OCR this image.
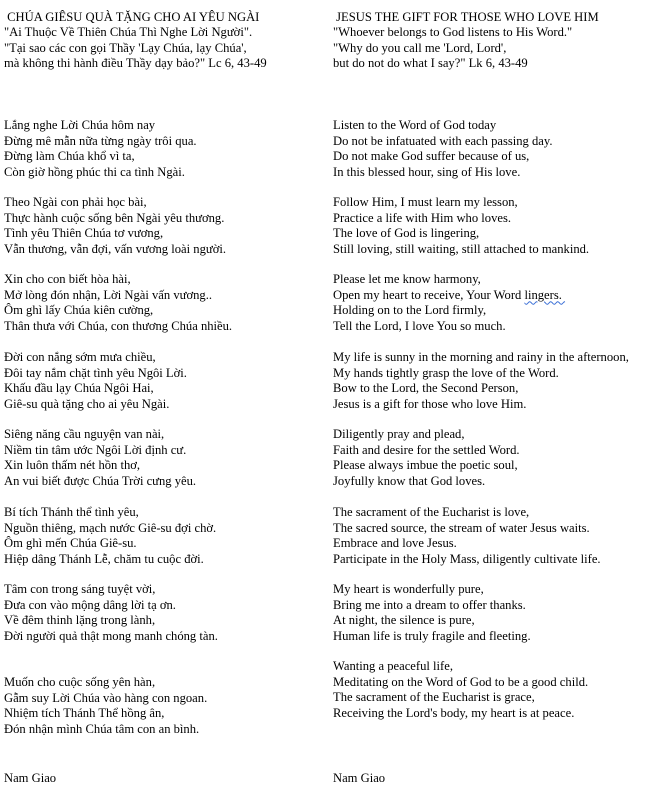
CHÚA GIÊSU QUÀ TẶNG CHO AI YÊU NGÀI
"Ai Thuộc Về Thiên Chúa Thì Nghe Lời Người".
"Tại sao các con gọi Thầy 'Lạy Chúa, lạy Chúa',
mà không thi hành điều Thầy dạy bảo?" Lc 6, 43-49
Lắng nghe Lời Chúa hôm nay
Đừng mê mẫn nữa từng ngày trôi qua.
Đừng làm Chúa khổ vì ta,
Còn giờ hồng phúc thi ca tình Ngài.
Theo Ngài con phải học bài,
Thực hành cuộc sống bên Ngài yêu thương.
Tình yêu Thiên Chúa tơ vương,
Vẫn thương, vẫn đợi, vấn vương loài người.
Xin cho con biết hòa hài,
Mở lòng đón nhận, Lời Ngài vấn vương..
Ôm ghì lấy Chúa kiên cường,
Thân thưa với Chúa, con thương Chúa nhiều.
Đời con nắng sớm mưa chiều,
Đôi tay nắm chặt tình yêu Ngôi Lời.
Khấu đầu lạy Chúa Ngôi Hai,
Giê-su quà tặng cho ai yêu Ngài.
Siêng năng cầu nguyện van nài,
Niềm tin tâm ước Ngôi Lời định cư.
Xin luôn thấm nét hồn thơ,
An vui biết được Chúa Trời cưng yêu.
Bí tích Thánh thể tình yêu,
Nguồn thiêng, mạch nước Giê-su đợi chờ.
Ôm ghì mến Chúa Giê-su.
Hiệp dâng Thánh Lễ, chăm tu cuộc đời.
Tâm con trong sáng tuyệt vời,
Đưa con vào mộng dâng lời tạ ơn.
Về đêm thinh lặng trong lành,
Đời người quả thật mong manh chóng tàn.
Muốn cho cuộc sống yên hàn,
Gẫm suy Lời Chúa vào hàng con ngoan.
Nhiệm tích Thánh Thể hồng ân,
Đón nhận mình Chúa tâm con an bình.
Nam Giao
JESUS THE GIFT FOR THOSE WHO LOVE HIM
"Whoever belongs to God listens to His Word."
"Why do you call me 'Lord, Lord',
but do not do what I say?" Lk 6, 43-49
Listen to the Word of God today
Do not be infatuated with each passing day.
Do not make God suffer because of us,
In this blessed hour, sing of His love.
Follow Him, I must learn my lesson,
Practice a life with Him who loves.
The love of God is lingering,
Still loving, still waiting, still attached to mankind.
Please let me know harmony,
Open my heart to receive, Your Word lingers.
Holding on to the Lord firmly,
Tell the Lord, I love You so much.
My life is sunny in the morning and rainy in the afternoon,
My hands tightly grasp the love of the Word.
Bow to the Lord, the Second Person,
Jesus is a gift for those who love Him.
Diligently pray and plead,
Faith and desire for the settled Word.
Please always imbue the poetic soul,
Joyfully know that God loves.
The sacrament of the Eucharist is love,
The sacred source, the stream of water Jesus waits.
Embrace and love Jesus.
Participate in the Holy Mass, diligently cultivate life.
My heart is wonderfully pure,
Bring me into a dream to offer thanks.
At night, the silence is pure,
Human life is truly fragile and fleeting.
Wanting a peaceful life,
Meditating on the Word of God to be a good child.
The sacrament of the Eucharist is grace,
Receiving the Lord's body, my heart is at peace.
Nam Giao
